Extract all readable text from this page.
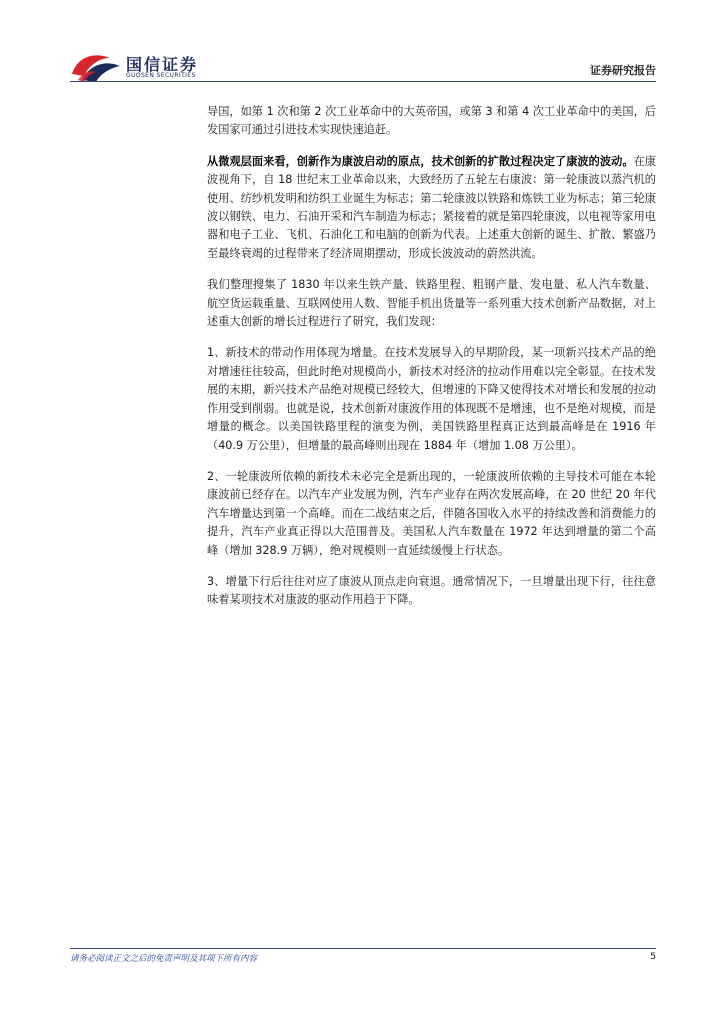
国信证券
GUOSEN SECURITIES	证券研究报告

导国，如第 1 次和第 2 次工业革命中的大英帝国，或第 3 和第 4 次工业革命中的美国，后发国家可通过引进技术实现快速追赶。

从微观层面来看，创新作为康波启动的原点，技术创新的扩散过程决定了康波的波动。在康波视角下，自 18 世纪末工业革命以来，大致经历了五轮左右康波：第一轮康波以蒸汽机的使用、纺纱机发明和纺织工业诞生为标志；第二轮康波以铁路和炼铁工业为标志；第三轮康波以钢铁、电力、石油开采和汽车制造为标志；紧接着的就是第四轮康波，以电视等家用电器和电子工业、飞机、石油化工和电脑的创新为代表。上述重大创新的诞生、扩散、繁盛乃至最终衰竭的过程带来了经济周期摆动，形成长波波动的蔚然洪流。

我们整理搜集了 1830 年以来生铁产量、铁路里程、粗钢产量、发电量、私人汽车数量、航空货运载重量、互联网使用人数、智能手机出货量等一系列重大技术创新产品数据，对上述重大创新的增长过程进行了研究，我们发现：

1、新技术的带动作用体现为增量。在技术发展导入的早期阶段，某一项新兴技术产品的绝对增速往往较高，但此时绝对规模尚小，新技术对经济的拉动作用难以完全彰显。在技术发展的末期，新兴技术产品绝对规模已经较大，但增速的下降又使得技术对增长和发展的拉动作用受到削弱。也就是说，技术创新对康波作用的体现既不是增速，也不是绝对规模，而是增量的概念。以美国铁路里程的演变为例，美国铁路里程真正达到最高峰是在 1916 年（40.9 万公里），但增量的最高峰则出现在 1884 年（增加 1.08 万公里）。

2、一轮康波所依赖的新技术未必完全是新出现的，一轮康波所依赖的主导技术可能在本轮康波前已经存在。以汽车产业发展为例，汽车产业存在两次发展高峰，在 20 世纪 20 年代汽车增量达到第一个高峰。而在二战结束之后，伴随各国收入水平的持续改善和消费能力的提升，汽车产业真正得以大范围普及。美国私人汽车数量在 1972 年达到增量的第二个高峰（增加 328.9 万辆），绝对规模则一直延续缓慢上行状态。

3、增量下行后往往对应了康波从顶点走向衰退。通常情况下，一旦增量出现下行，往往意味着某项技术对康波的驱动作用趋于下降。

请务必阅读正文之后的免责声明及其项下所有内容	5
